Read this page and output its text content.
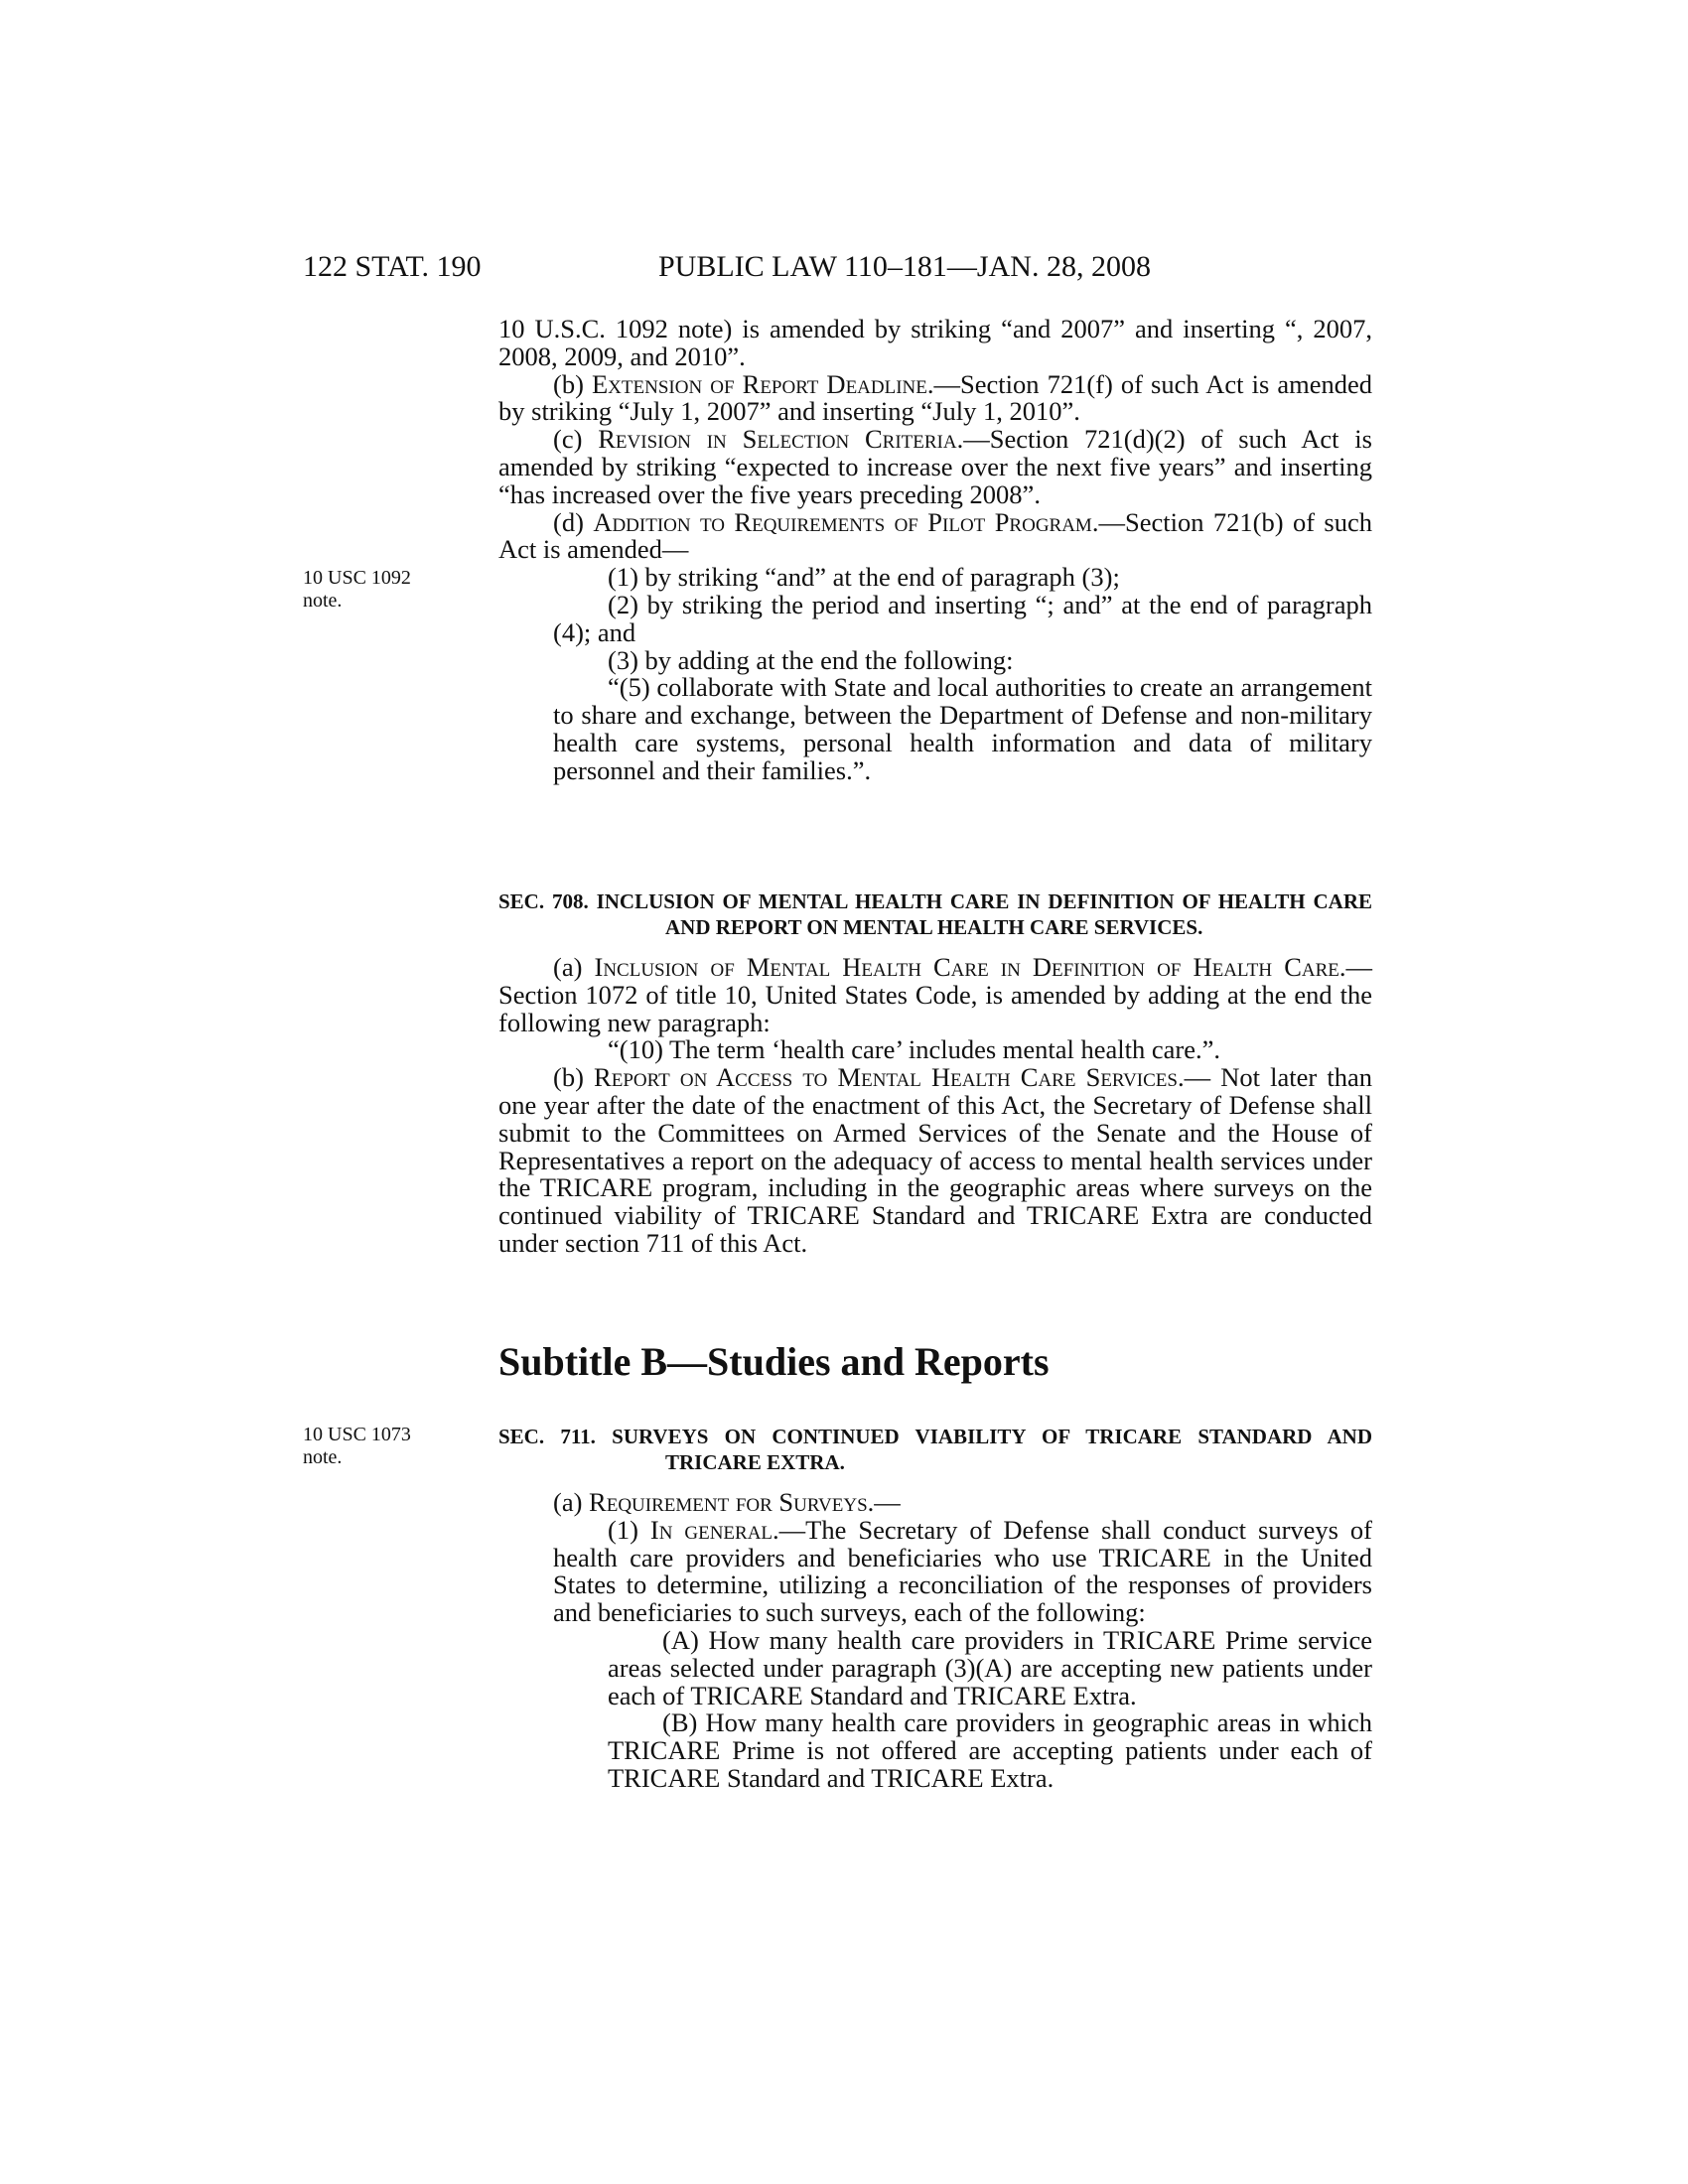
122 STAT. 190	PUBLIC LAW 110–181—JAN. 28, 2008
10 USC 1092
note.
10 USC 1073
note.

10 U.S.C. 1092 note) is amended by striking “and 2007” and inserting “, 2007, 2008, 2009, and 2010”.

(b) Extension of Report Deadline.—Section 721(f) of such Act is amended by striking “July 1, 2007” and inserting “July 1, 2010”.

(c) Revision in Selection Criteria.—Section 721(d)(2) of such Act is amended by striking “expected to increase over the next five years” and inserting “has increased over the five years preceding 2008”.

(d) Addition to Requirements of Pilot Program.—Section 721(b) of such Act is amended—

(1) by striking “and” at the end of paragraph (3);

(2) by striking the period and inserting “; and” at the end of paragraph (4); and

(3) by adding at the end the following:

“(5) collaborate with State and local authorities to create an arrangement to share and exchange, between the Department of Defense and non-military health care systems, personal health information and data of military personnel and their families.”.

SEC. 708. INCLUSION OF MENTAL HEALTH CARE IN DEFINITION OF HEALTH CARE AND REPORT ON MENTAL HEALTH CARE SERVICES.

(a) Inclusion of Mental Health Care in Definition of Health Care.—Section 1072 of title 10, United States Code, is amended by adding at the end the following new paragraph:

“(10) The term ‘health care’ includes mental health care.”.

(b) Report on Access to Mental Health Care Services.— Not later than one year after the date of the enactment of this Act, the Secretary of Defense shall submit to the Committees on Armed Services of the Senate and the House of Representatives a report on the adequacy of access to mental health services under the TRICARE program, including in the geographic areas where surveys on the continued viability of TRICARE Standard and TRICARE Extra are conducted under section 711 of this Act.

Subtitle B—Studies and Reports

SEC. 711. SURVEYS ON CONTINUED VIABILITY OF TRICARE STANDARD AND TRICARE EXTRA.

(a) Requirement for Surveys.—

(1) In general.—The Secretary of Defense shall conduct surveys of health care providers and beneficiaries who use TRICARE in the United States to determine, utilizing a reconciliation of the responses of providers and beneficiaries to such surveys, each of the following:

(A) How many health care providers in TRICARE Prime service areas selected under paragraph (3)(A) are accepting new patients under each of TRICARE Standard and TRICARE Extra.

(B) How many health care providers in geographic areas in which TRICARE Prime is not offered are accepting patients under each of TRICARE Standard and TRICARE Extra.
